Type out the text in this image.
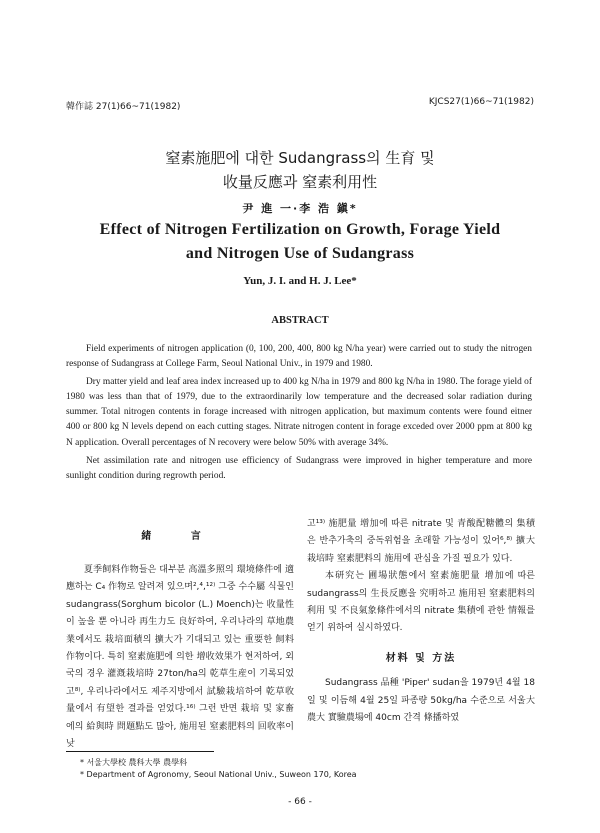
韓作誌 27(1)66~71(1982)	KJCS27(1)66~71(1982)
窒素施肥에 대한 Sudangrass의 生育 및
收量反應과 窒素利用性
尹 進 一·李 浩 鎭*
Effect of Nitrogen Fertilization on Growth, Forage Yield
and Nitrogen Use of Sudangrass
Yun, J. I. and H. J. Lee*
ABSTRACT

Field experiments of nitrogen application (0, 100, 200, 400, 800 kg N/ha year) were carried out to study the nitrogen response of Sudangrass at College Farm, Seoul National Univ., in 1979 and 1980.

Dry matter yield and leaf area index increased up to 400 kg N/ha in 1979 and 800 kg N/ha in 1980. The forage yield of 1980 was less than that of 1979, due to the extraordinarily low temperature and the decreased solar radiation during summer. Total nitrogen contents in forage increased with nitrogen application, but maximum contents were found eitner 400 or 800 kg N levels depend on each cutting stages. Nitrate nitrogen content in forage exceded over 2000 ppm at 800 kg N application. Overall percentages of N recovery were below 50% with average 34%.

Net assimilation rate and nitrogen use efficiency of Sudangrass were improved in higher temperature and more sunlight condition during regrowth period.

緒 言

夏季飼料作物들은 대부분 高溫多照의 環境條件에 適應하는 C₄ 作物로 알려져 있으며²,⁴,¹²⁾ 그중 수수屬 식물인 sudangrass(Sorghum bicolor (L.) Moench)는 收量性이 높을 뿐 아니라 再生力도 良好하여, 우리나라의 草地農業에서도 栽培面積의 擴大가 기대되고 있는 重要한 飼料作物이다. 특히 窒素施肥에 의한 增收效果가 현저하여, 외국의 경우 灌漑栽培時 27ton/ha의 乾草生産이 기록되었고⁸⁾, 우리나라에서도 제주지방에서 試驗栽培하여 乾草收量에서 有望한 결과를 얻었다.¹⁶⁾ 그런 반면 栽培 및 家畜에의 給與時 問題點도 많아, 施用된 窒素肥料의 回收率이 낮

고¹³⁾ 施肥量 增加에 따른 nitrate 및 青酸配糖體의 集積은 반추가축의 중독위험을 초래할 가능성이 있어⁶,⁸⁾ 擴大栽培時 窒素肥料의 施用에 관심을 가질 필요가 있다.

本研究는 圃場狀態에서 窒素施肥量 增加에 따른 sudangrass의 生長反應을 究明하고 施用된 窒素肥料의 利用 및 不良氣象條件에서의 nitrate 集積에 관한 情報를 얻기 위하여 실시하였다.

材料 및 方法

Sudangrass 品種 'Piper' sudan을 1979년 4월 18일 및 이듬해 4월 25일 파종량 50kg/ha 수준으로 서울大 農大 實驗農場에 40cm 간격 條播하였

* 서울大學校 農科大學 農學科
* Department of Agronomy, Seoul National Univ., Suweon 170, Korea
- 66 -
